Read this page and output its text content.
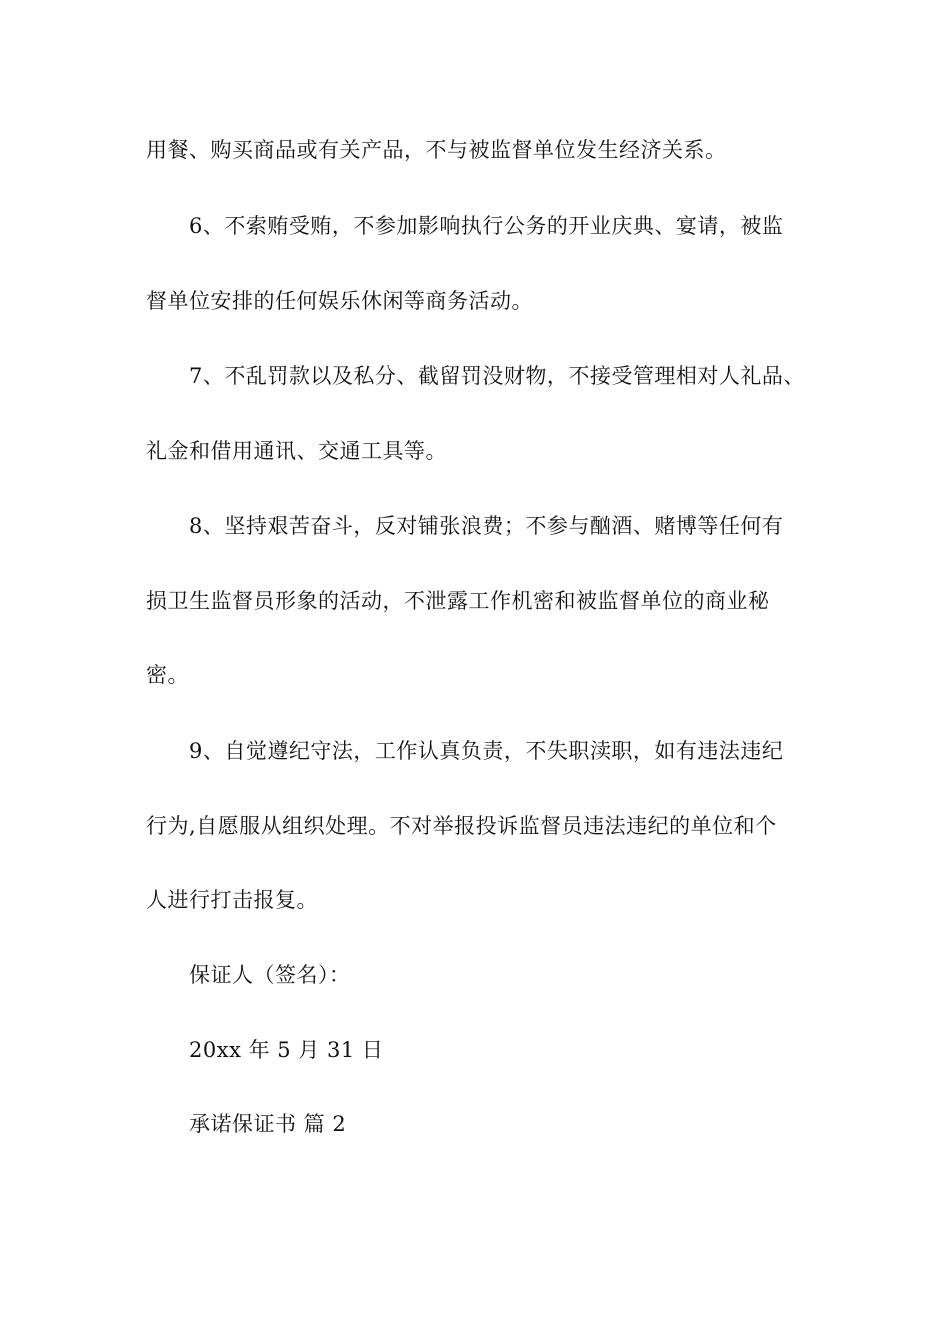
用餐、购买商品或有关产品，不与被监督单位发生经济关系。
6、不索贿受贿，不参加影响执行公务的开业庆典、宴请，被监
督单位安排的任何娱乐休闲等商务活动。
7、不乱罚款以及私分、截留罚没财物，不接受管理相对人礼品、
礼金和借用通讯、交通工具等。
8、坚持艰苦奋斗，反对铺张浪费；不参与酗酒、赌博等任何有
损卫生监督员形象的活动，不泄露工作机密和被监督单位的商业秘
密。
9、自觉遵纪守法，工作认真负责，不失职渎职，如有违法违纪
行为,自愿服从组织处理。不对举报投诉监督员违法违纪的单位和个
人进行打击报复。
保证人（签名）：
20xx 年 5 月 31 日
承诺保证书 篇 2
